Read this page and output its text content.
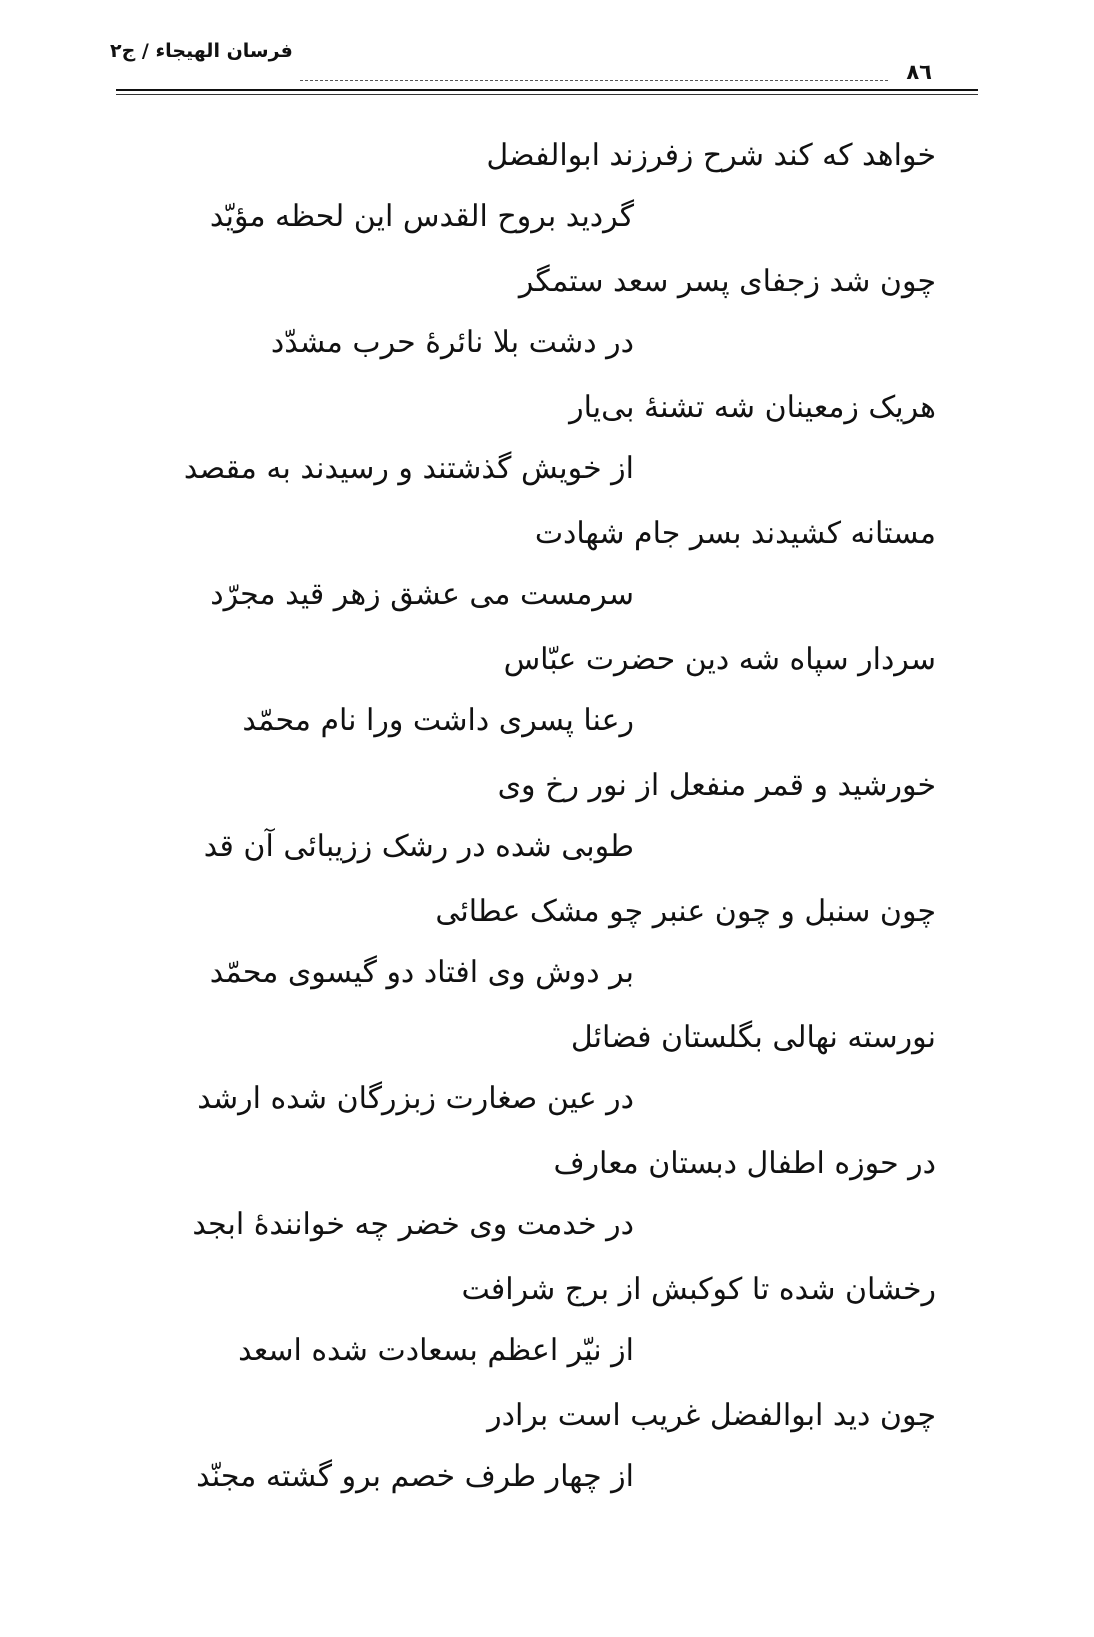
فرسان الهیجاء / ج۲
۸٦
خواهد که کند شرح زفرزند ابوالفضل
گردید بروح القدس این لحظه مؤیّد
چون شد زجفای پسر سعد ستمگر
در دشت بلا نائرۀ حرب مشدّد
هریک زمعینان شه تشنۀ بی‌یار
از خویش گذشتند و رسیدند به مقصد
مستانه کشیدند بسر جام شهادت
سرمست می عشق زهر قید مجرّد
سردار سپاه شه دین حضرت عبّاس
رعنا پسری داشت ورا نام محمّد
خورشید و قمر منفعل از نور رخ وی
طوبی شده در رشک ززیبائی آن قد
چون سنبل و چون عنبر چو مشک عطائی
بر دوش وی افتاد دو گیسوی محمّد
نورسته نهالی بگلستان فضائل
در عین صغارت زبزرگان شده ارشد
در حوزه اطفال دبستان معارف
در خدمت وی خضر چه خوانندۀ ابجد
رخشان شده تا کوکبش از برج شرافت
از نیّر اعظم بسعادت شده اسعد
چون دید ابوالفضل غریب است برادر
از چهار طرف خصم برو گشته مجنّد
